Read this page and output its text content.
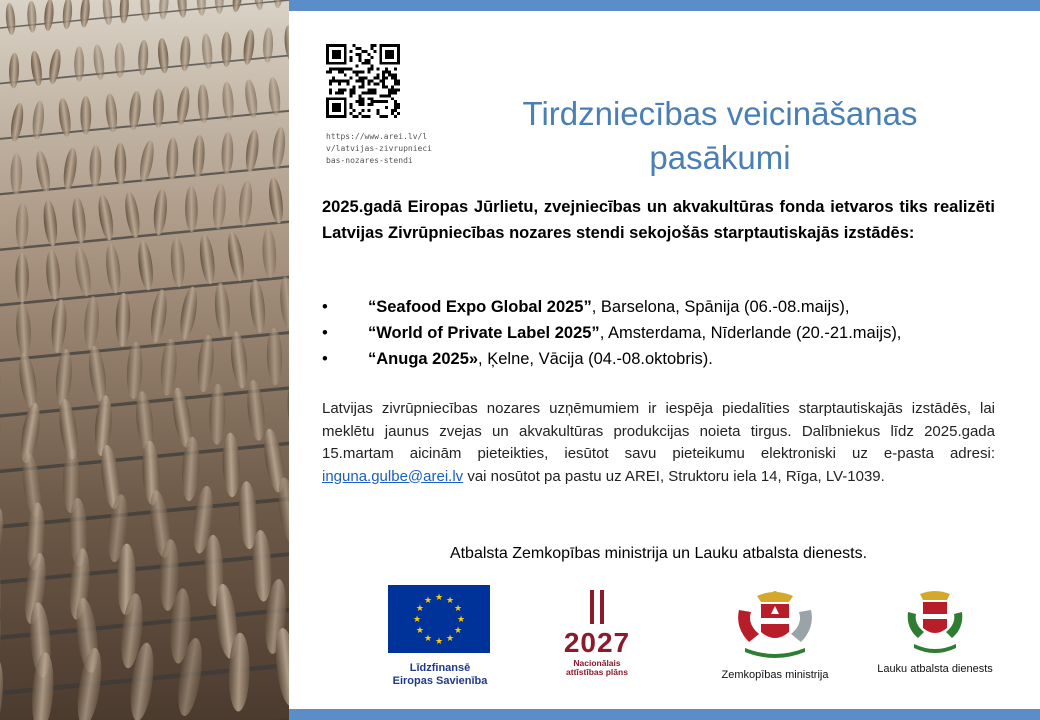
https://www.arei.lv/lv/latvijas-zivrupniecibas-nozares-stendi
Tirdzniecības veicināšanas
pasākumi
2025.gadā Eiropas Jūrlietu, zvejniecības un akvakultūras fonda ietvaros tiks realizēti Latvijas Zivrūpniecības nozares stendi sekojošās starptautiskajās izstādēs:
• “Seafood Expo Global 2025”, Barselona, Spānija (06.-08.maijs),
• “World of Private Label 2025”, Amsterdama, Nīderlande (20.-21.maijs),
• “Anuga 2025», Ķelne, Vācija (04.-08.oktobris).
Latvijas zivrūpniecības nozares uzņēmumiem ir iespēja piedalīties starptautiskajās izstādēs, lai meklētu jaunus zvejas un akvakultūras produkcijas noieta tirgus. Dalībniekus līdz 2025.gada 15.martam aicinām pieteikties, iesūtot savu pieteikumu elektroniski uz e-pasta adresi: inguna.gulbe@arei.lv vai nosūtot pa pastu uz AREI, Struktoru iela 14, Rīga, LV-1039.
Atbalsta Zemkopības ministrija un Lauku atbalsta dienests.
★ ★
★
★
★
★
★
★
★
★
★
★
Līdzfinansē
Eiropas Savienība
2027
Nacionālais
attīstības plāns	Zemkopības ministrija	Lauku atbalsta dienests
